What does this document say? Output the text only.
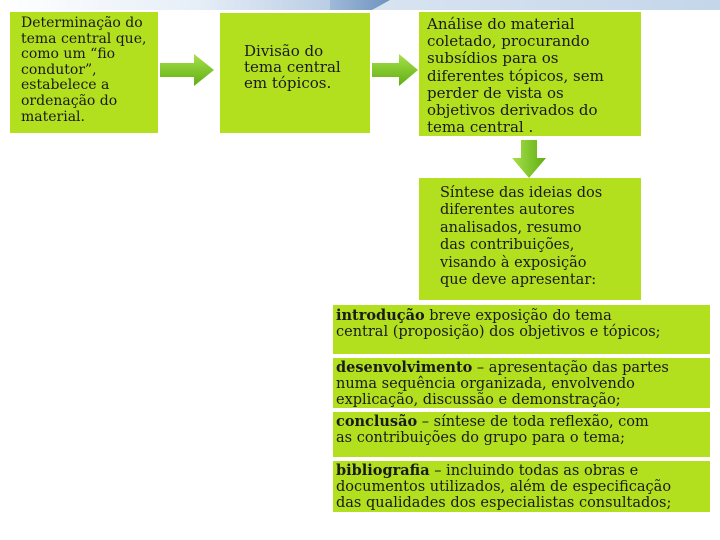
Determinação do

tema central que,

como um “fio

condutor”,

estabelece a

ordenação do

material.

Divisão do

tema central

em tópicos.

Análise do material

coletado, procurando

subsídios para os

diferentes tópicos, sem

perder de vista os

objetivos derivados do

tema central .

Síntese das ideias dos

diferentes autores

analisados, resumo

das contribuições,

visando à exposição

que deve apresentar:

introdução breve exposição do tema

central (proposição) dos objetivos e tópicos;

desenvolvimento – apresentação das partes

numa sequência organizada, envolvendo

explicação, discussão e demonstração;

conclusão – síntese de toda reflexão, com

as contribuições do grupo para o tema;

bibliografia – incluindo todas as obras e

documentos utilizados, além de especificação

das qualidades dos especialistas consultados;
